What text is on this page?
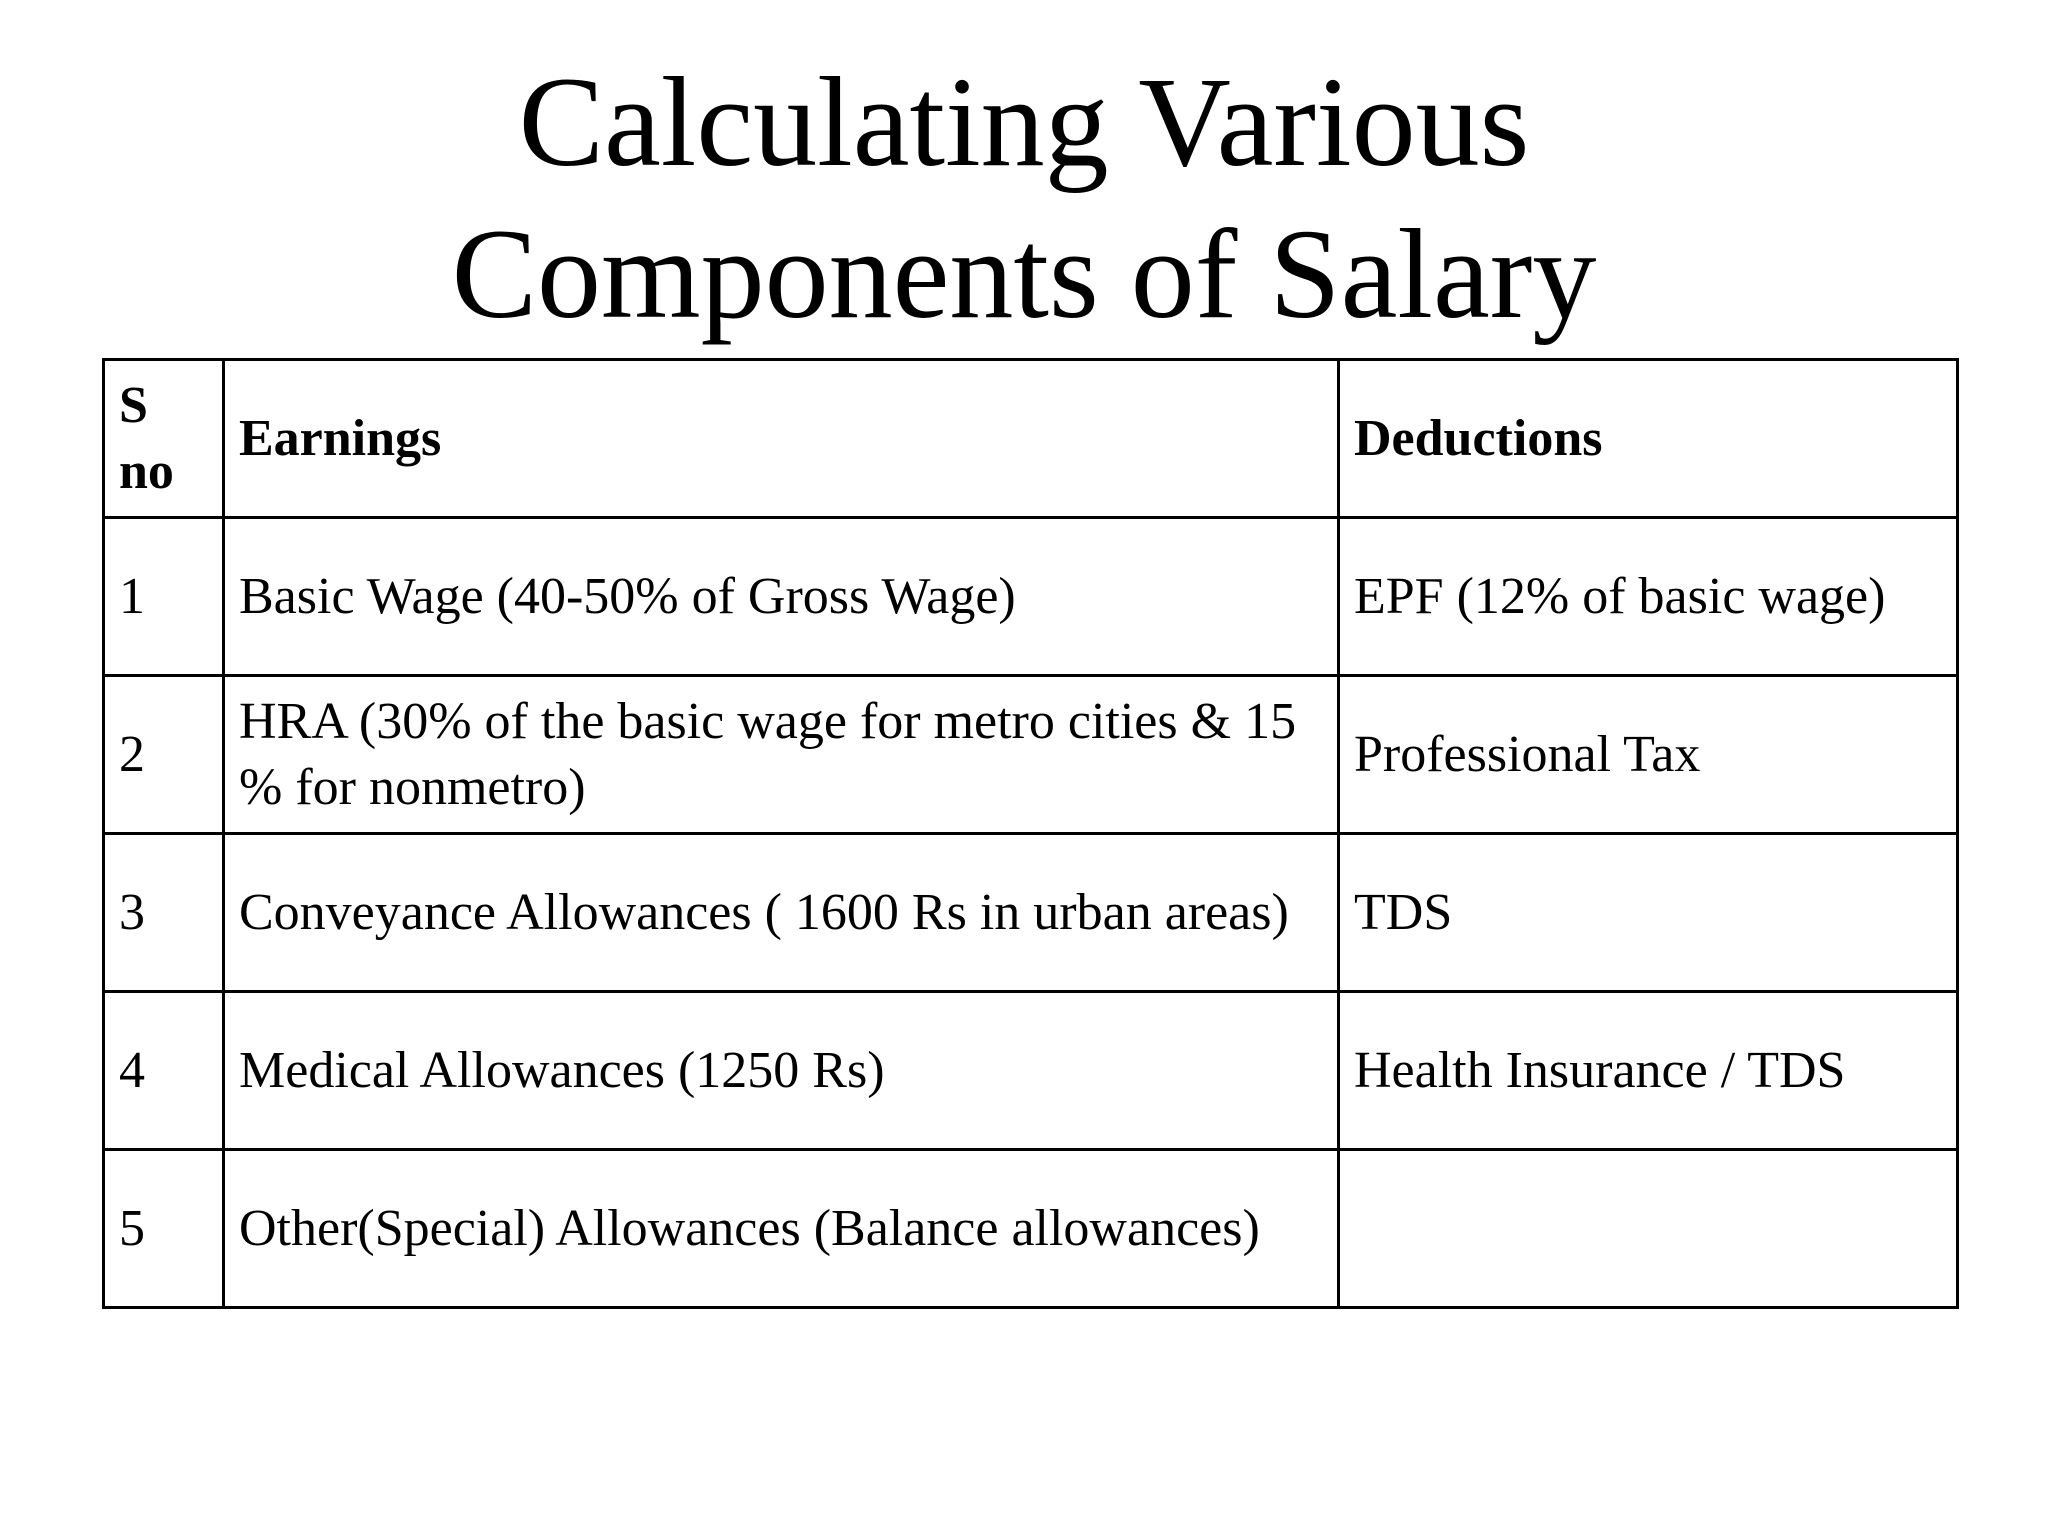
Calculating Various
Components of Salary
S no	Earnings	Deductions
1	Basic Wage (40-50% of Gross Wage)	EPF (12% of basic wage)
2	HRA (30% of the basic wage for metro cities & 15 % for nonmetro)	Professional Tax
3	Conveyance Allowances ( 1600 Rs in urban areas)	TDS
4	Medical Allowances (1250 Rs)	Health Insurance / TDS
5	Other(Special) Allowances (Balance allowances)	
